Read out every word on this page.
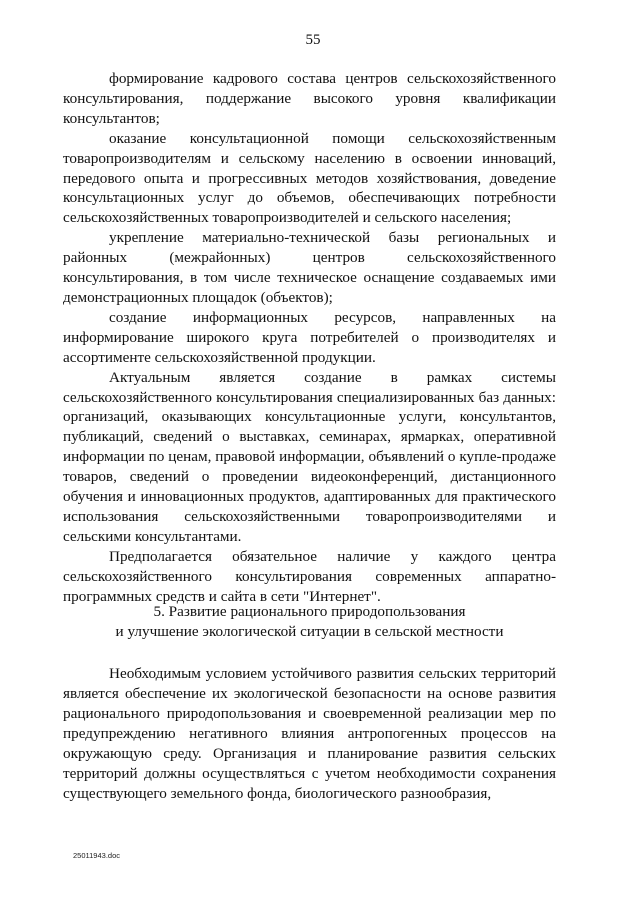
55

формирование кадрового состава центров сельскохозяйственного консультирования, поддержание высокого уровня квалификации консультантов;

оказание консультационной помощи сельскохозяйственным товаропроизводителям и сельскому населению в освоении инноваций, передового опыта и прогрессивных методов хозяйствования, доведение консультационных услуг до объемов, обеспечивающих потребности сельскохозяйственных товаропроизводителей и сельского населения;

укрепление материально-технической базы региональных и районных (межрайонных) центров сельскохозяйственного консультирования, в том числе техническое оснащение создаваемых ими демонстрационных площадок (объектов);

создание информационных ресурсов, направленных на информирование широкого круга потребителей о производителях и ассортименте сельскохозяйственной продукции.

Актуальным является создание в рамках системы сельскохозяйственного консультирования специализированных баз данных: организаций, оказывающих консультационные услуги, консультантов, публикаций, сведений о выставках, семинарах, ярмарках, оперативной информации по ценам, правовой информации, объявлений о купле-продаже товаров, сведений о проведении видеоконференций, дистанционного обучения и инновационных продуктов, адаптированных для практического использования сельскохозяйственными товаропроизводителями и сельскими консультантами.

Предполагается обязательное наличие у каждого центра сельскохозяйственного консультирования современных аппаратно-программных средств и сайта в сети "Интернет".

5. Развитие рационального природопользования
и улучшение экологической ситуации в сельской местности

Необходимым условием устойчивого развития сельских территорий является обеспечение их экологической безопасности на основе развития рационального природопользования и своевременной реализации мер по предупреждению негативного влияния антропогенных процессов на окружающую среду. Организация и планирование развития сельских территорий должны осуществляться с учетом необходимости сохранения существующего земельного фонда, биологического разнообразия,

25011943.doc
